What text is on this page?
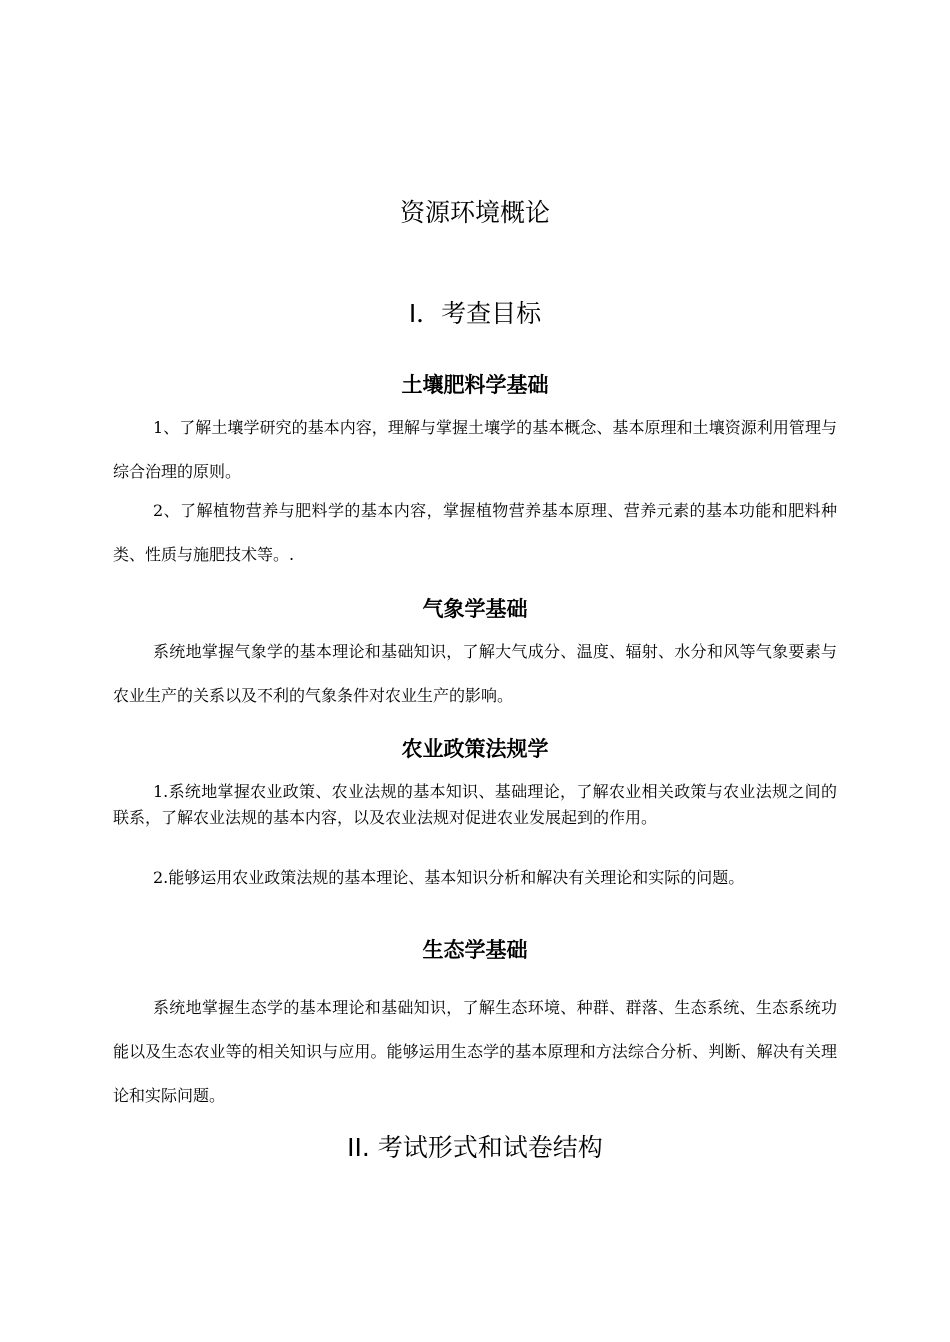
资源环境概论
Ⅰ．考查目标
土壤肥料学基础

1、了解土壤学研究的基本内容，理解与掌握土壤学的基本概念、基本原理和土壤资源利用管理与综合治理的原则。

2、了解植物营养与肥料学的基本内容，掌握植物营养基本原理、营养元素的基本功能和肥料种类、性质与施肥技术等。.

气象学基础

系统地掌握气象学的基本理论和基础知识，了解大气成分、温度、辐射、水分和风等气象要素与农业生产的关系以及不利的气象条件对农业生产的影响。

农业政策法规学

1.系统地掌握农业政策、农业法规的基本知识、基础理论，了解农业相关政策与农业法规之间的联系，了解农业法规的基本内容，以及农业法规对促进农业发展起到的作用。

2.能够运用农业政策法规的基本理论、基本知识分析和解决有关理论和实际的问题。

生态学基础

系统地掌握生态学的基本理论和基础知识，了解生态环境、种群、群落、生态系统、生态系统功能以及生态农业等的相关知识与应用。能够运用生态学的基本原理和方法综合分析、判断、解决有关理论和实际问题。

II. 考试形式和试卷结构
